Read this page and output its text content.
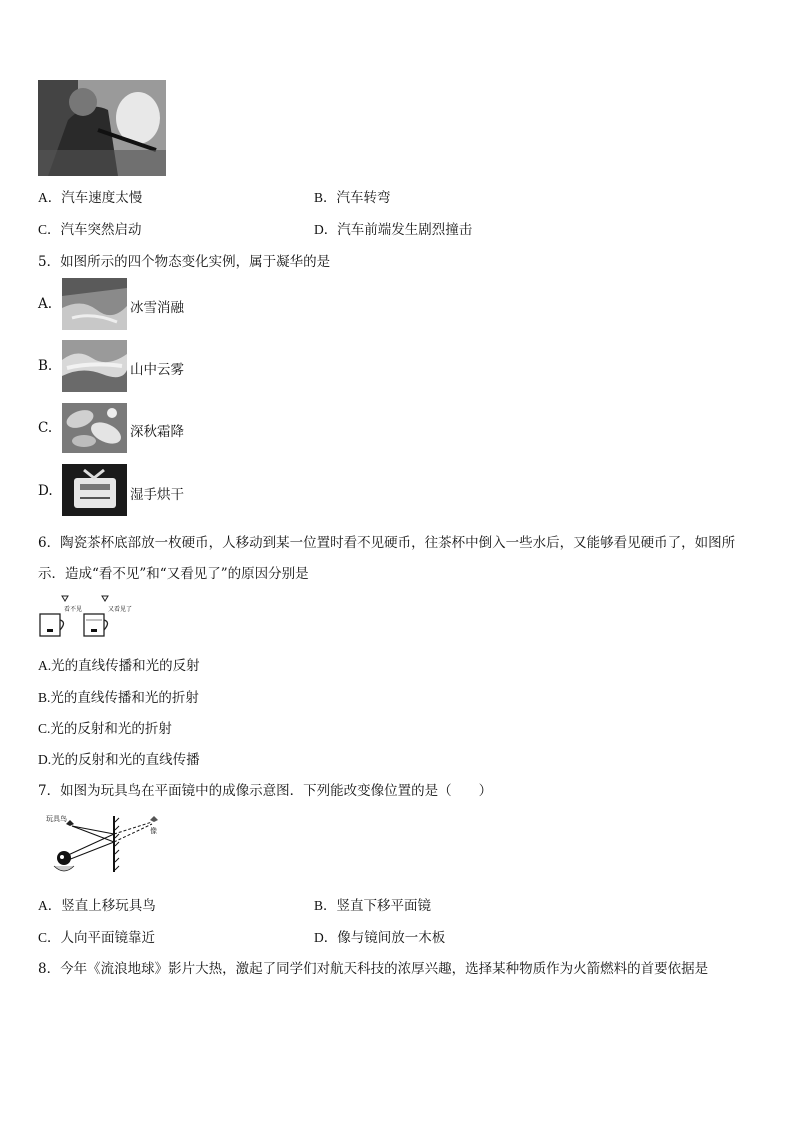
A．汽车速度太慢	B．汽车转弯
C．汽车突然启动	D．汽车前端发生剧烈撞击
5．如图所示的四个物态变化实例，属于凝华的是
A.	冰雪消融
B.	山中云雾
C.	深秋霜降
D.	湿手烘干
6．陶瓷茶杯底部放一枚硬币，人移动到某一位置时看不见硬币，往茶杯中倒入一些水后，又能够看见硬币了，如图所
示．造成“看不见”和“又看见了”的原因分别是
看不见	又看见了
A.光的直线传播和光的反射
B.光的直线传播和光的折射
C.光的反射和光的折射
D.光的反射和光的直线传播
7．如图为玩具鸟在平面镜中的成像示意图．下列能改变像位置的是（　　）
玩具鸟
像
A．竖直上移玩具鸟	B．竖直下移平面镜
C．人向平面镜靠近	D．像与镜间放一木板
8．今年《流浪地球》影片大热，激起了同学们对航天科技的浓厚兴趣，选择某种物质作为火箭燃料的首要依据是
